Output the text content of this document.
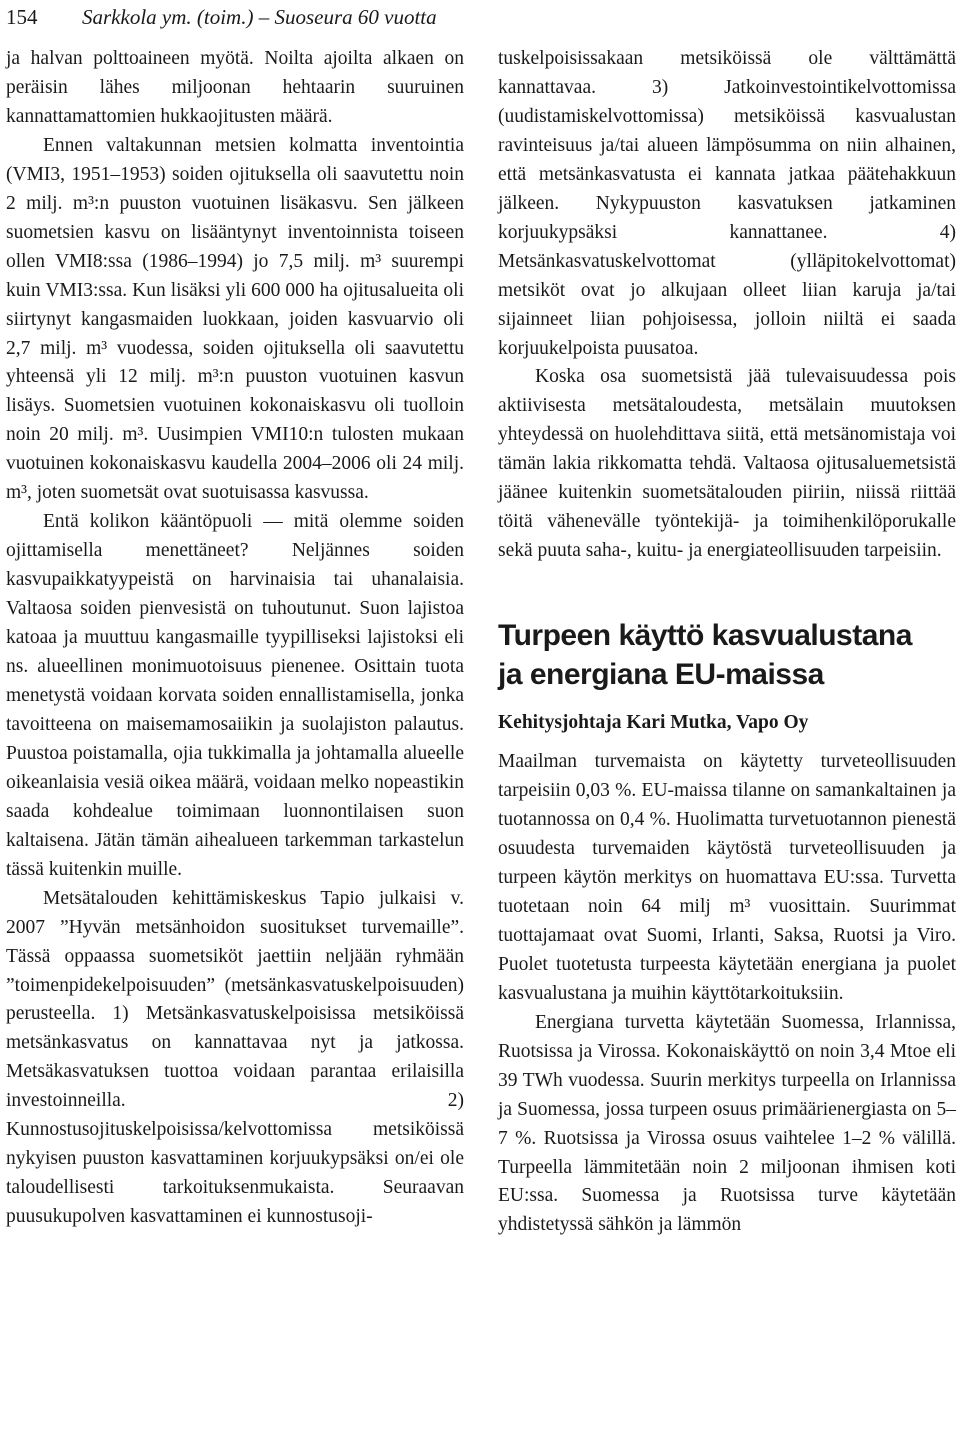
154 Sarkkola ym. (toim.) – Suoseura 60 vuotta

ja halvan polttoaineen myötä. Noilta ajoilta alkaen on peräisin lähes miljoonan hehtaarin suuruinen kannattamattomien hukkaojitusten määrä.

Ennen valtakunnan metsien kolmatta inventointia (VMI3, 1951–1953) soiden ojituksella oli saavutettu noin 2 milj. m³:n puuston vuotuinen lisäkasvu. Sen jälkeen suometsien kasvu on lisääntynyt inventoinnista toiseen ollen VMI8:ssa (1986–1994) jo 7,5 milj. m³ suurempi kuin VMI3:ssa. Kun lisäksi yli 600 000 ha ojitusalueita oli siirtynyt kangasmaiden luokkaan, joiden kasvuarvio oli 2,7 milj. m³ vuodessa, soiden ojituksella oli saavutettu yhteensä yli 12 milj. m³:n puuston vuotuinen kasvun lisäys. Suometsien vuotuinen kokonaiskasvu oli tuolloin noin 20 milj. m³. Uusimpien VMI10:n tulosten mukaan vuotuinen kokonaiskasvu kaudella 2004–2006 oli 24 milj. m³, joten suometsät ovat suotuisassa kasvussa.

Entä kolikon kääntöpuoli — mitä olemme soiden ojittamisella menettäneet? Neljännes soiden kasvupaikkatyypeistä on harvinaisia tai uhanalaisia. Valtaosa soiden pienvesistä on tuhoutunut. Suon lajistoa katoaa ja muuttuu kangasmaille tyypilliseksi lajistoksi eli ns. alueellinen monimuotoisuus pienenee. Osittain tuota menetystä voidaan korvata soiden ennallistamisella, jonka tavoitteena on maisemamosaiikin ja suolajiston palautus. Puustoa poistamalla, ojia tukkimalla ja johtamalla alueelle oikeanlaisia vesiä oikea määrä, voidaan melko nopeastikin saada kohdealue toimimaan luonnontilaisen suon kaltaisena. Jätän tämän aihealueen tarkemman tarkastelun tässä kuitenkin muille.

Metsätalouden kehittämiskeskus Tapio julkaisi v. 2007 ”Hyvän metsänhoidon suositukset turvemaille”. Tässä oppaassa suometsiköt jaettiin neljään ryhmään ”toimenpidekelpoisuuden” (metsänkasvatuskelpoisuuden) perusteella. 1) Metsänkasvatuskelpoisissa metsiköissä metsänkasvatus on kannattavaa nyt ja jatkossa. Metsäkasvatuksen tuottoa voidaan parantaa erilaisilla investoinneilla. 2) Kunnostusojituskelpoisissa/kelvottomissa metsiköissä nykyisen puuston kasvattaminen korjuukypsäksi on/ei ole taloudellisesti tarkoituksenmukaista. Seuraavan puusukupolven kasvattaminen ei kunnostusoji-

tuskelpoisissakaan metsiköissä ole välttämättä kannattavaa. 3) Jatkoinvestointikelvottomissa (uudistamiskelvottomissa) metsiköissä kasvualustan ravinteisuus ja/tai alueen lämpösumma on niin alhainen, että metsänkasvatusta ei kannata jatkaa päätehakkuun jälkeen. Nykypuuston kasvatuksen jatkaminen korjuukypsäksi kannattanee. 4) Metsänkasvatuskelvottomat (ylläpitokelvottomat) metsiköt ovat jo alkujaan olleet liian karuja ja/tai sijainneet liian pohjoisessa, jolloin niiltä ei saada korjuukelpoista puusatoa.

Koska osa suometsistä jää tulevaisuudessa pois aktiivisesta metsätaloudesta, metsälain muutoksen yhteydessä on huolehdittava siitä, että metsänomistaja voi tämän lakia rikkomatta tehdä. Valtaosa ojitusaluemetsistä jäänee kuitenkin suometsätalouden piiriin, niissä riittää töitä vähenevälle työntekijä- ja toimihenkilöporukalle sekä puuta saha-, kuitu- ja energiateollisuuden tarpeisiin.

Turpeen käyttö kasvualustana
ja energiana EU-maissa
Kehitysjohtaja Kari Mutka, Vapo Oy

Maailman turvemaista on käytetty turveteollisuuden tarpeisiin 0,03 %. EU-maissa tilanne on samankaltainen ja tuotannossa on 0,4 %. Huolimatta turvetuotannon pienestä osuudesta turvemaiden käytöstä turveteollisuuden ja turpeen käytön merkitys on huomattava EU:ssa. Turvetta tuotetaan noin 64 milj m³ vuosittain. Suurimmat tuottajamaat ovat Suomi, Irlanti, Saksa, Ruotsi ja Viro. Puolet tuotetusta turpeesta käytetään energiana ja puolet kasvualustana ja muihin käyttötarkoituksiin.

Energiana turvetta käytetään Suomessa, Irlannissa, Ruotsissa ja Virossa. Kokonaiskäyttö on noin 3,4 Mtoe eli 39 TWh vuodessa. Suurin merkitys turpeella on Irlannissa ja Suomessa, jossa turpeen osuus primäärienergiasta on 5–7 %. Ruotsissa ja Virossa osuus vaihtelee 1–2 % välillä. Turpeella lämmitetään noin 2 miljoonan ihmisen koti EU:ssa. Suomessa ja Ruotsissa turve käytetään yhdistetyssä sähkön ja lämmön
